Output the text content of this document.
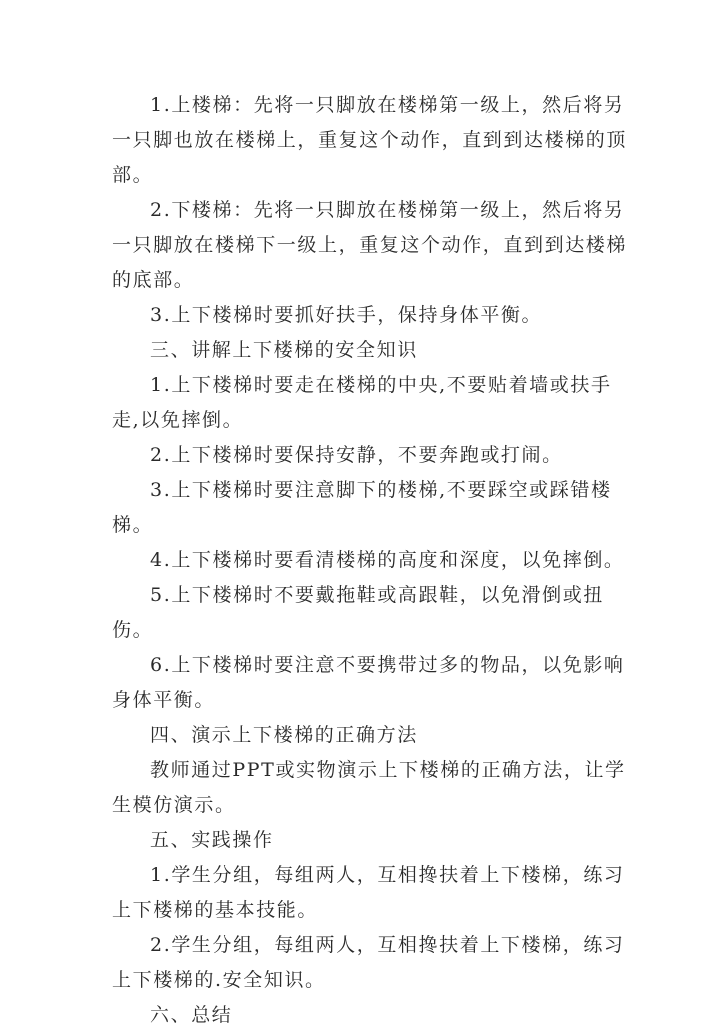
1.上楼梯：先将一只脚放在楼梯第一级上，然后将另一只脚也放在楼梯上，重复这个动作，直到到达楼梯的顶部。

2.下楼梯：先将一只脚放在楼梯第一级上，然后将另一只脚放在楼梯下一级上，重复这个动作，直到到达楼梯的底部。

3.上下楼梯时要抓好扶手，保持身体平衡。

三、讲解上下楼梯的安全知识

1.上下楼梯时要走在楼梯的中央,不要贴着墙或扶手走,以免摔倒。

2.上下楼梯时要保持安静，不要奔跑或打闹。

3.上下楼梯时要注意脚下的楼梯,不要踩空或踩错楼梯。

4.上下楼梯时要看清楼梯的高度和深度，以免摔倒。

5.上下楼梯时不要戴拖鞋或高跟鞋，以免滑倒或扭伤。

6.上下楼梯时要注意不要携带过多的物品，以免影响身体平衡。

四、演示上下楼梯的正确方法

教师通过PPT或实物演示上下楼梯的正确方法，让学生模仿演示。

五、实践操作

1.学生分组，每组两人，互相搀扶着上下楼梯，练习上下楼梯的基本技能。

2.学生分组，每组两人，互相搀扶着上下楼梯，练习上下楼梯的.安全知识。

六、总结
